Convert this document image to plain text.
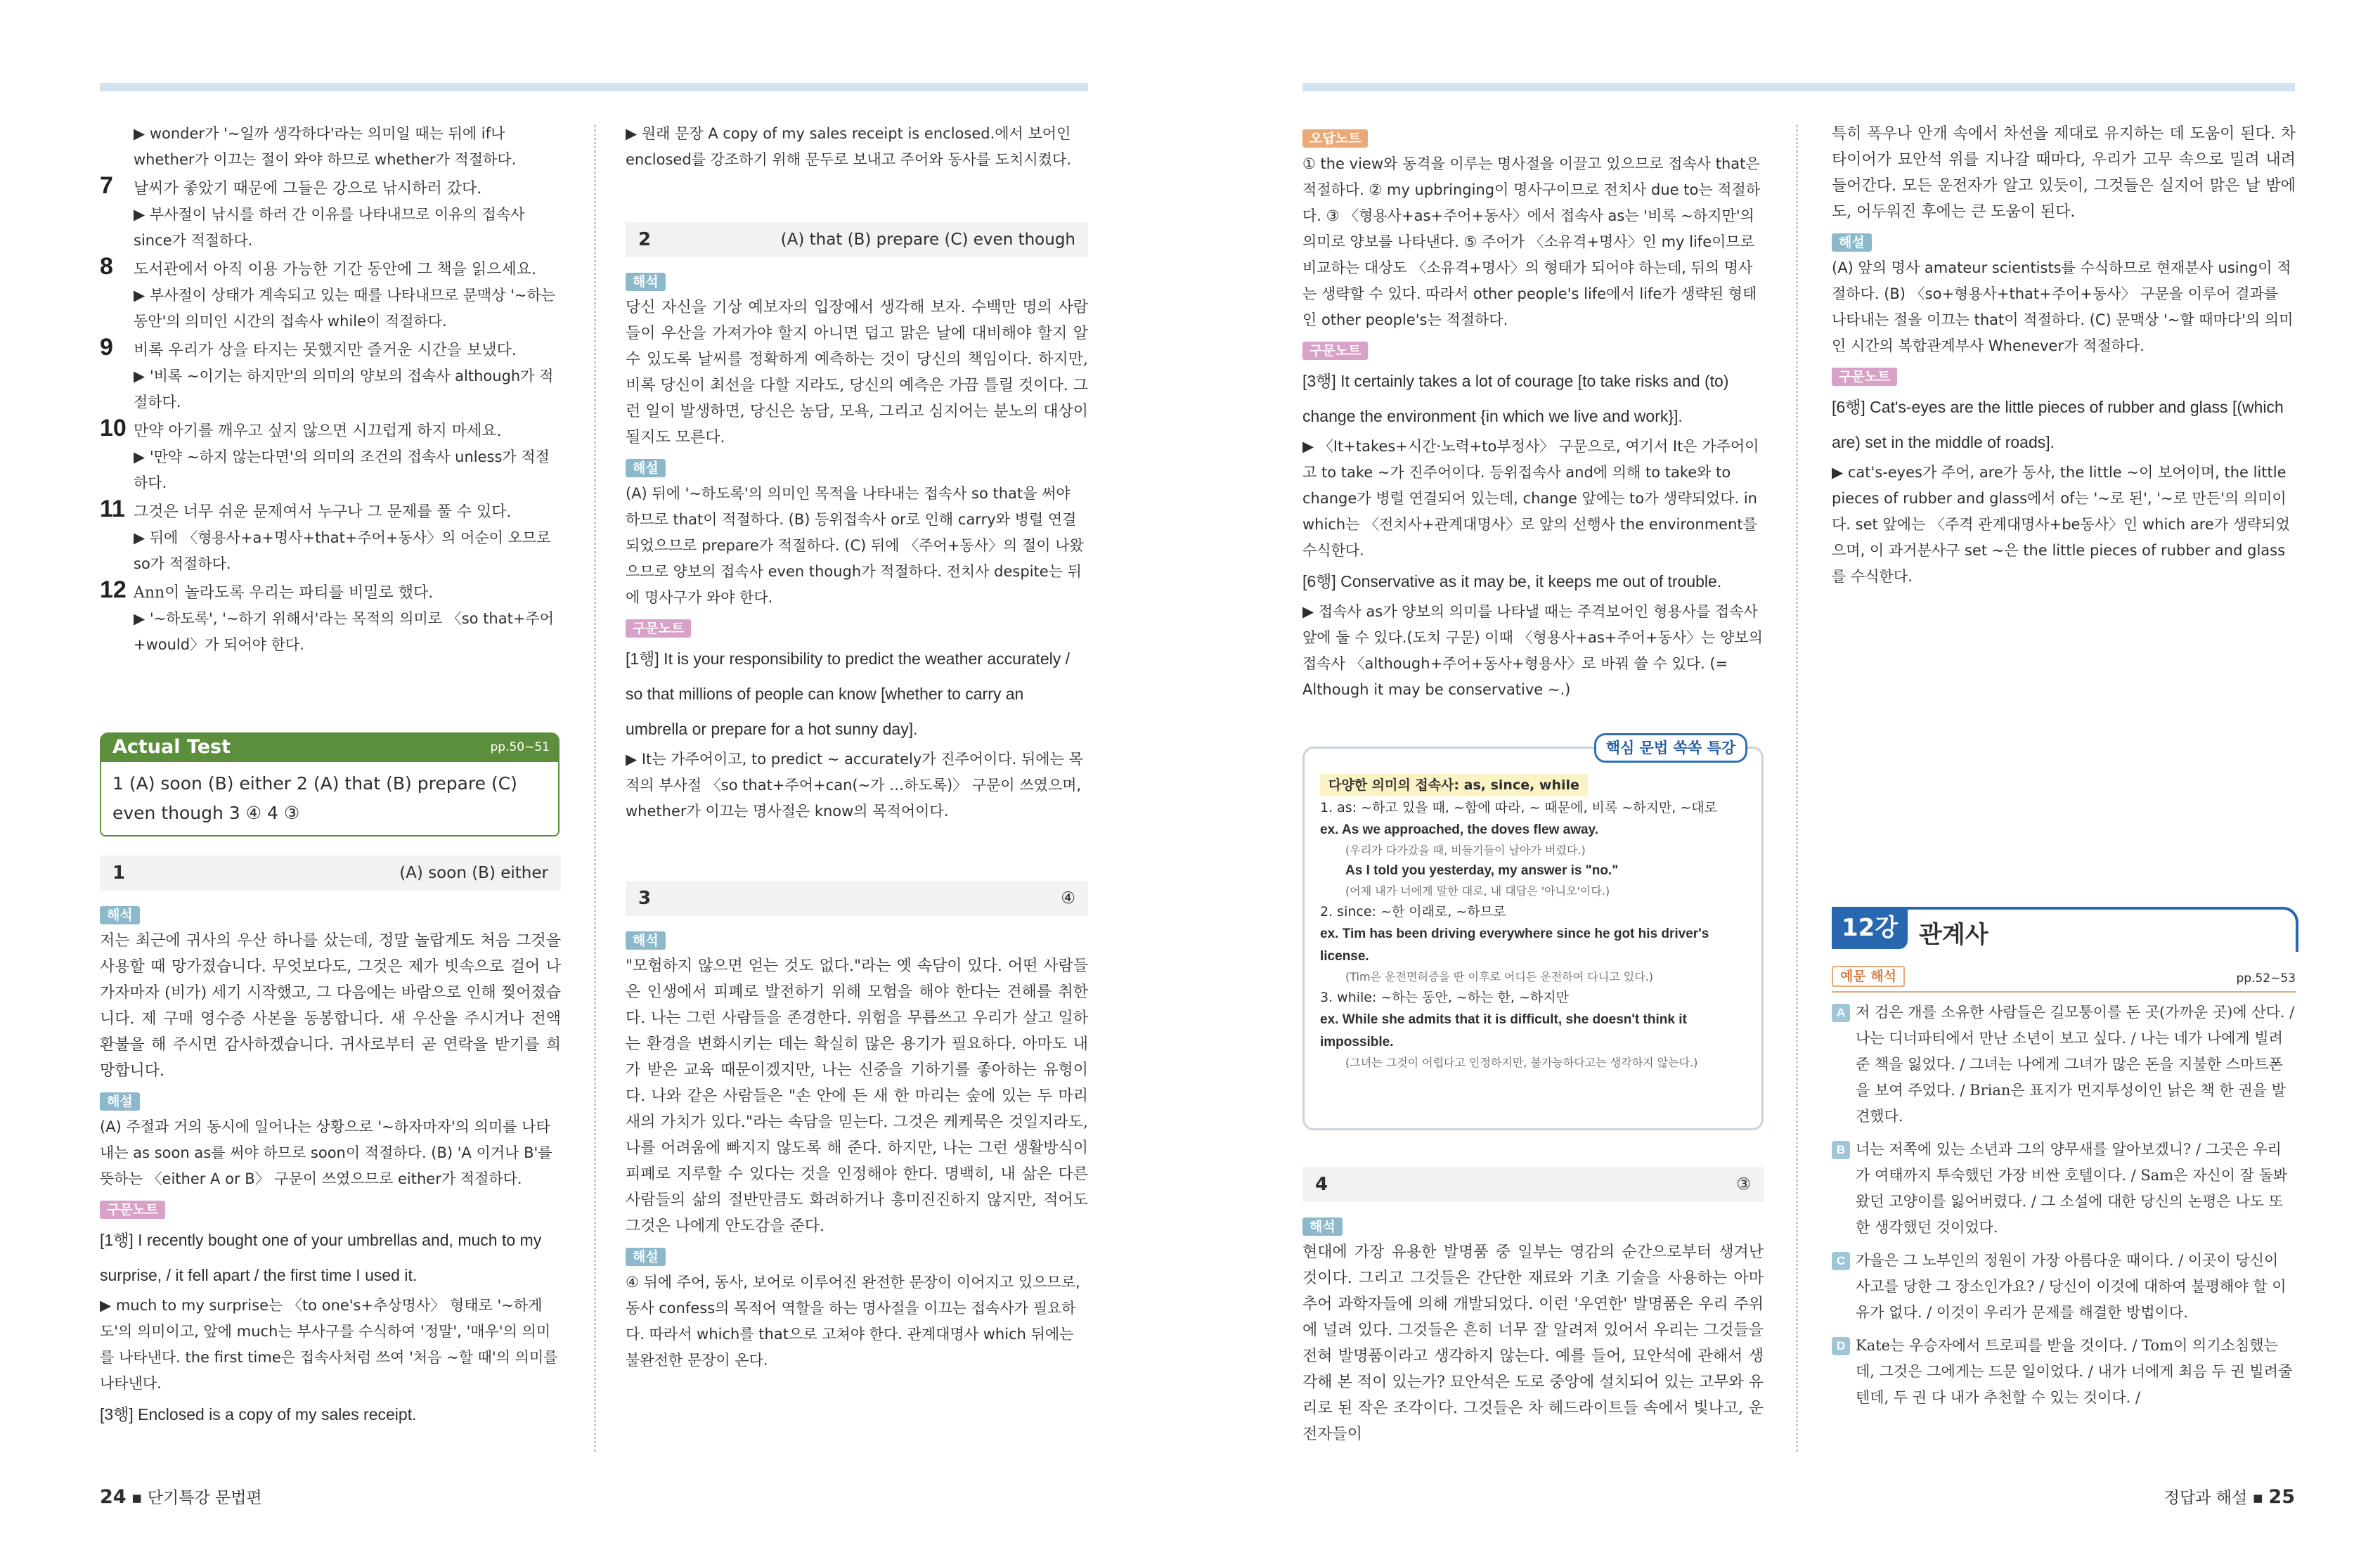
▶ wonder가 '~일까 생각하다'라는 의미일 때는 뒤에 if나 whether가 이끄는 절이 와야 하므로 whether가 적절하다.
7 날씨가 좋았기 때문에 그들은 강으로 낚시하러 갔다.
▶ 부사절이 낚시를 하러 간 이유를 나타내므로 이유의 접속사 since가 적절하다.
8 도서관에서 아직 이용 가능한 기간 동안에 그 책을 읽으세요.
▶ 부사절이 상태가 계속되고 있는 때를 나타내므로 문맥상 '~하는 동안'의 의미인 시간의 접속사 while이 적절하다.
9 비록 우리가 상을 타지는 못했지만 즐거운 시간을 보냈다.
▶ '비록 ~이기는 하지만'의 의미의 양보의 접속사 although가 적절하다.
10 만약 아기를 깨우고 싶지 않으면 시끄럽게 하지 마세요.
▶ '만약 ~하지 않는다면'의 의미의 조건의 접속사 unless가 적절하다.
11 그것은 너무 쉬운 문제여서 누구나 그 문제를 풀 수 있다.
▶ 뒤에 〈형용사+a+명사+that+주어+동사〉의 어순이 오므로 so가 적절하다.
12 Ann이 놀라도록 우리는 파티를 비밀로 했다.
▶ '~하도록', '~하기 위해서'라는 목적의 의미로 〈so that+주어+would〉가 되어야 한다.
Actual Test	pp.50~51
1 (A) soon (B) either 2 (A) that (B) prepare (C) even though 3 ④ 4 ③
1	(A) soon (B) either
해석
저는 최근에 귀사의 우산 하나를 샀는데, 정말 놀랍게도 처음 그것을 사용할 때 망가졌습니다. 무엇보다도, 그것은 제가 빗속으로 걸어 나가자마자 (비가) 세기 시작했고, 그 다음에는 바람으로 인해 찢어졌습니다. 제 구매 영수증 사본을 동봉합니다. 새 우산을 주시거나 전액 환불을 해 주시면 감사하겠습니다. 귀사로부터 곧 연락을 받기를 희망합니다.
해설
(A) 주절과 거의 동시에 일어나는 상황으로 '~하자마자'의 의미를 나타내는 as soon as를 써야 하므로 soon이 적절하다. (B) 'A 이거나 B'를 뜻하는 〈either A or B〉 구문이 쓰였으므로 either가 적절하다.
구문노트
[1행] I recently bought one of your umbrellas and, much to my surprise, / it fell apart / the first time I used it.
▶ much to my surprise는 〈to one's+추상명사〉 형태로 '~하게도'의 의미이고, 앞에 much는 부사구를 수식하여 '정말', '매우'의 의미를 나타낸다. the first time은 접속사처럼 쓰여 '처음 ~할 때'의 의미를 나타낸다.
[3행] Enclosed is a copy of my sales receipt.
▶ 원래 문장 A copy of my sales receipt is enclosed.에서 보어인 enclosed를 강조하기 위해 문두로 보내고 주어와 동사를 도치시켰다.
2	(A) that (B) prepare (C) even though
해석
당신 자신을 기상 예보자의 입장에서 생각해 보자. 수백만 명의 사람들이 우산을 가져가야 할지 아니면 덥고 맑은 날에 대비해야 할지 알 수 있도록 날씨를 정확하게 예측하는 것이 당신의 책임이다. 하지만, 비록 당신이 최선을 다할 지라도, 당신의 예측은 가끔 틀릴 것이다. 그런 일이 발생하면, 당신은 농담, 모욕, 그리고 심지어는 분노의 대상이 될지도 모른다.
해설
(A) 뒤에 '~하도록'의 의미인 목적을 나타내는 접속사 so that을 써야 하므로 that이 적절하다. (B) 등위접속사 or로 인해 carry와 병렬 연결되었으므로 prepare가 적절하다. (C) 뒤에 〈주어+동사〉의 절이 나왔으므로 양보의 접속사 even though가 적절하다. 전치사 despite는 뒤에 명사구가 와야 한다.
구문노트
[1행] It is your responsibility to predict the weather accurately / so that millions of people can know [whether to carry an umbrella or prepare for a hot sunny day].
▶ It는 가주어이고, to predict ~ accurately가 진주어이다. 뒤에는 목적의 부사절 〈so that+주어+can(~가 …하도록)〉 구문이 쓰였으며, whether가 이끄는 명사절은 know의 목적어이다.
3	④
해석
"모험하지 않으면 얻는 것도 없다."라는 옛 속담이 있다. 어떤 사람들은 인생에서 피폐로 발전하기 위해 모험을 해야 한다는 견해를 취한다. 나는 그런 사람들을 존경한다. 위험을 무릅쓰고 우리가 살고 일하는 환경을 변화시키는 데는 확실히 많은 용기가 필요하다. 아마도 내가 받은 교육 때문이겠지만, 나는 신중을 기하기를 좋아하는 유형이다. 나와 같은 사람들은 "손 안에 든 새 한 마리는 숲에 있는 두 마리 새의 가치가 있다."라는 속담을 믿는다. 그것은 케케묵은 것일지라도, 나를 어려움에 빠지지 않도록 해 준다. 하지만, 나는 그런 생활방식이 피폐로 지루할 수 있다는 것을 인정해야 한다. 명백히, 내 삶은 다른 사람들의 삶의 절반만큼도 화려하거나 흥미진진하지 않지만, 적어도 그것은 나에게 안도감을 준다.
해설
④ 뒤에 주어, 동사, 보어로 이루어진 완전한 문장이 이어지고 있으므로, 동사 confess의 목적어 역할을 하는 명사절을 이끄는 접속사가 필요하다. 따라서 which를 that으로 고쳐야 한다. 관계대명사 which 뒤에는 불완전한 문장이 온다.
오답노트
① the view와 동격을 이루는 명사절을 이끌고 있으므로 접속사 that은 적절하다. ② my upbringing이 명사구이므로 전치사 due to는 적절하다. ③ 〈형용사+as+주어+동사〉에서 접속사 as는 '비록 ~하지만'의 의미로 양보를 나타낸다. ⑤ 주어가 〈소유격+명사〉인 my life이므로 비교하는 대상도 〈소유격+명사〉의 형태가 되어야 하는데, 뒤의 명사는 생략할 수 있다. 따라서 other people's life에서 life가 생략된 형태인 other people's는 적절하다.
구문노트
[3행] It certainly takes a lot of courage [to take risks and (to) change the environment {in which we live and work}].
▶ 〈It+takes+시간·노력+to부정사〉 구문으로, 여기서 It은 가주어이고 to take ~가 진주어이다. 등위접속사 and에 의해 to take와 to change가 병렬 연결되어 있는데, change 앞에는 to가 생략되었다. in which는 〈전치사+관계대명사〉로 앞의 선행사 the environment를 수식한다.
[6행] Conservative as it may be, it keeps me out of trouble.
▶ 접속사 as가 양보의 의미를 나타낼 때는 주격보어인 형용사를 접속사 앞에 둘 수 있다.(도치 구문) 이때 〈형용사+as+주어+동사〉는 양보의 접속사 〈although+주어+동사+형용사〉로 바꿔 쓸 수 있다. (= Although it may be conservative ~.)
핵심 문법 쏙쏙 특강
다양한 의미의 접속사: as, since, while
1. as: ~하고 있을 때, ~함에 따라, ~ 때문에, 비록 ~하지만, ~대로
ex. As we approached, the doves flew away.
(우리가 다가갔을 때, 비둘기들이 날아가 버렸다.)
As I told you yesterday, my answer is "no."
(어제 내가 너에게 말한 대로, 내 대답은 '아니오'이다.)
2. since: ~한 이래로, ~하므로
ex. Tim has been driving everywhere since he got his driver's license.
(Tim은 운전면허증을 딴 이후로 어디든 운전하여 다니고 있다.)
3. while: ~하는 동안, ~하는 한, ~하지만
ex. While she admits that it is difficult, she doesn't think it impossible.
(그녀는 그것이 어렵다고 인정하지만, 불가능하다고는 생각하지 않는다.)
4	③
해석
현대에 가장 유용한 발명품 중 일부는 영감의 순간으로부터 생겨난 것이다. 그리고 그것들은 간단한 재료와 기초 기술을 사용하는 아마추어 과학자들에 의해 개발되었다. 이런 '우연한' 발명품은 우리 주위에 널려 있다. 그것들은 흔히 너무 잘 알려져 있어서 우리는 그것들을 전혀 발명품이라고 생각하지 않는다. 예를 들어, 묘안석에 관해서 생각해 본 적이 있는가? 묘안석은 도로 중앙에 설치되어 있는 고무와 유리로 된 작은 조각이다. 그것들은 차 헤드라이트들 속에서 빛나고, 운전자들이
특히 폭우나 안개 속에서 차선을 제대로 유지하는 데 도움이 된다. 차 타이어가 묘안석 위를 지나갈 때마다, 우리가 고무 속으로 밀려 내려 들어간다. 모든 운전자가 알고 있듯이, 그것들은 실지어 맑은 날 밤에도, 어두워진 후에는 큰 도움이 된다.
해설
(A) 앞의 명사 amateur scientists를 수식하므로 현재분사 using이 적절하다. (B) 〈so+형용사+that+주어+동사〉 구문을 이루어 결과를 나타내는 절을 이끄는 that이 적절하다. (C) 문맥상 '~할 때마다'의 의미인 시간의 복합관계부사 Whenever가 적절하다.
구문노트
[6행] Cat's-eyes are the little pieces of rubber and glass [(which are) set in the middle of roads].
▶ cat's-eyes가 주어, are가 동사, the little ~이 보어이며, the little pieces of rubber and glass에서 of는 '~로 된', '~로 만든'의 의미이다. set 앞에는 〈주격 관계대명사+be동사〉인 which are가 생략되었으며, 이 과거분사구 set ~은 the little pieces of rubber and glass를 수식한다.
12강 관계사
예문 해석	pp.52~53
A 저 검은 개를 소유한 사람들은 길모퉁이를 돈 곳(가까운 곳)에 산다. / 나는 디너파티에서 만난 소년이 보고 싶다. / 나는 네가 나에게 빌려준 책을 잃었다. / 그녀는 나에게 그녀가 많은 돈을 지불한 스마트폰을 보여 주었다. / Brian은 표지가 먼지투성이인 낡은 책 한 권을 발견했다.
B 너는 저쪽에 있는 소년과 그의 양무새를 알아보겠니? / 그곳은 우리가 여태까지 투숙했던 가장 비싼 호텔이다. / Sam은 자신이 잘 돌봐왔던 고양이를 잃어버렸다. / 그 소설에 대한 당신의 논평은 나도 또한 생각했던 것이었다.
C 가을은 그 노부인의 정원이 가장 아름다운 때이다. / 이곳이 당신이 사고를 당한 그 장소인가요? / 당신이 이것에 대하여 불평해야 할 이유가 없다. / 이것이 우리가 문제를 해결한 방법이다.
D Kate는 우승자에서 트로피를 받을 것이다. / Tom이 의기소침했는데, 그것은 그에게는 드문 일이었다. / 내가 너에게 최음 두 권 빌려줄 텐데, 두 권 다 내가 추천할 수 있는 것이다. /
24 ▪ 단기특강 문법편	정답과 해설 ▪ 25
